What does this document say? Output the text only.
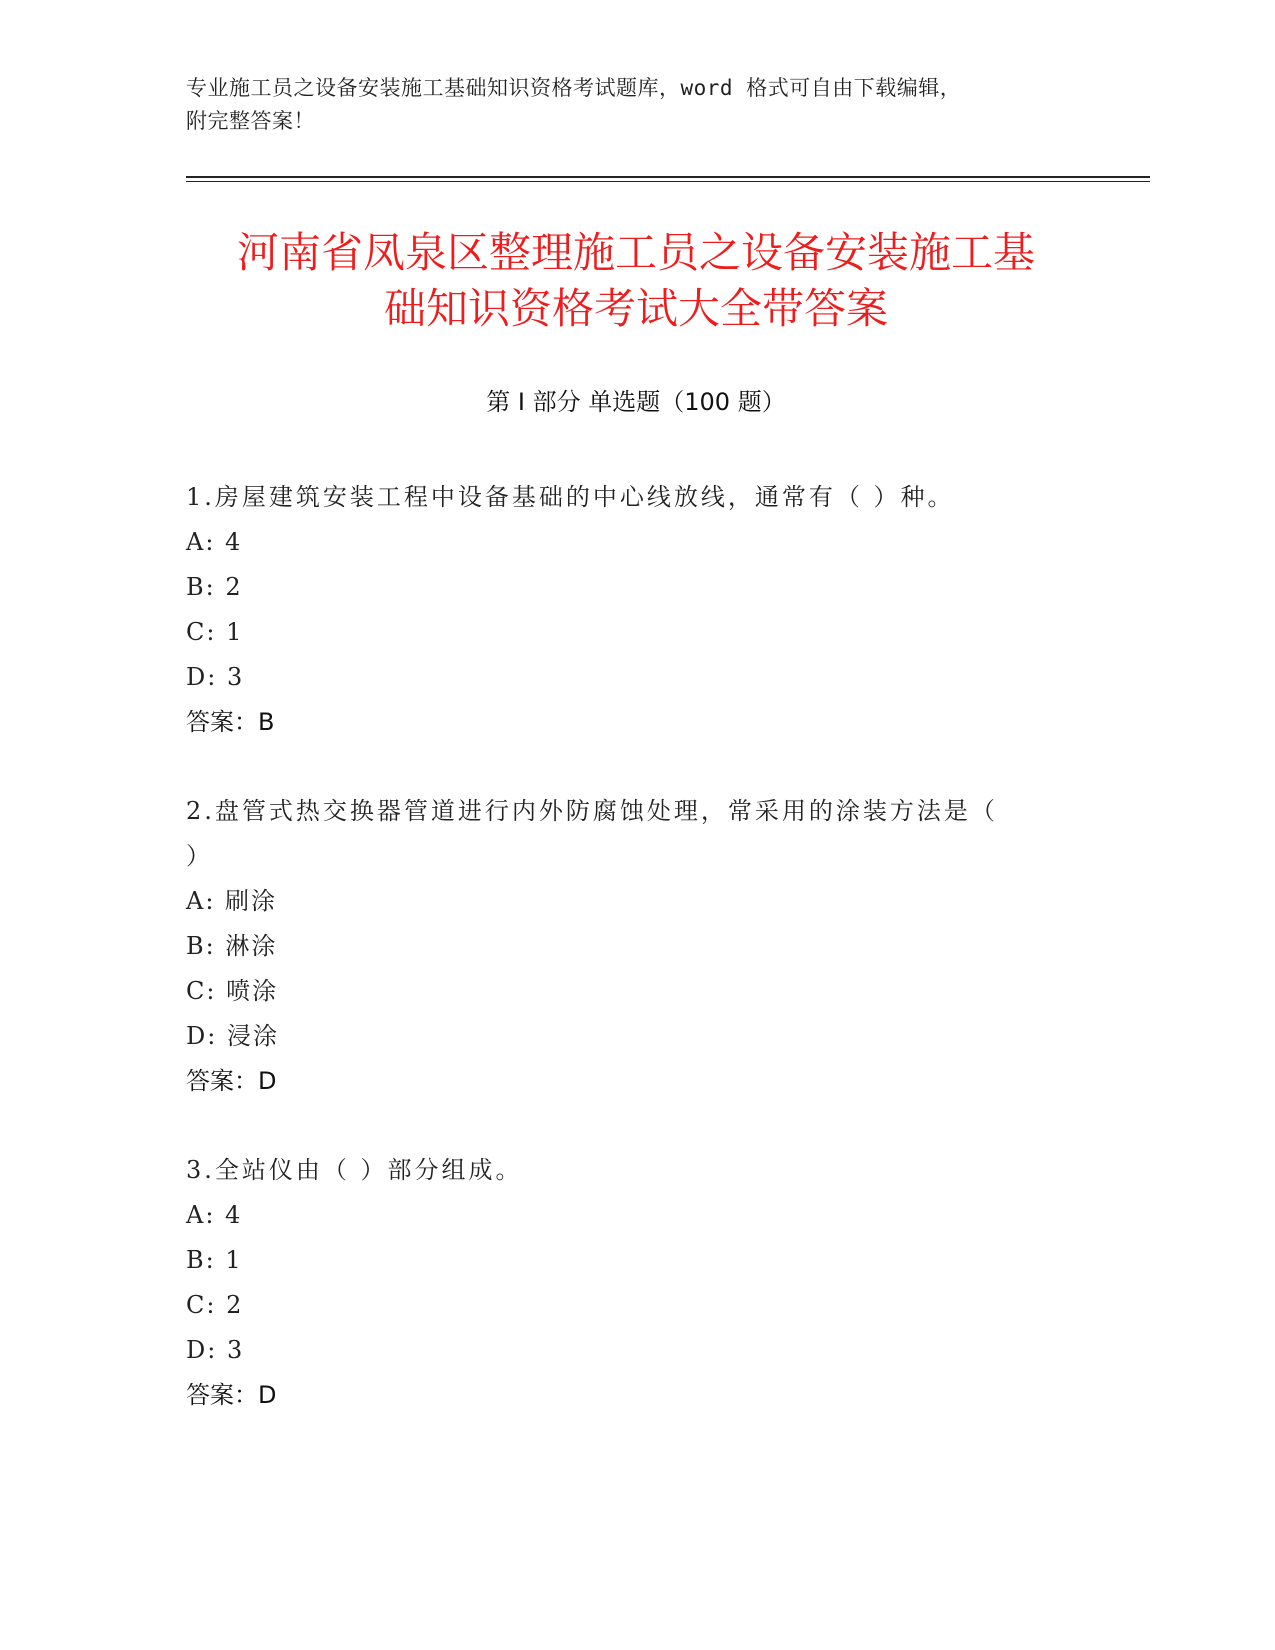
专业施工员之设备安装施工基础知识资格考试题库，word 格式可自由下载编辑，
附完整答案！
河南省凤泉区整理施工员之设备安装施工基
础知识资格考试大全带答案
第 I 部分 单选题（100 题）
1.房屋建筑安装工程中设备基础的中心线放线，通常有（ ）种。
A: 4
B: 2
C: 1
D: 3
答案：B
2.盘管式热交换器管道进行内外防腐蚀处理，常采用的涂装方法是（
）
A: 刷涂
B: 淋涂
C: 喷涂
D: 浸涂
答案：D
3.全站仪由（ ）部分组成。
A: 4
B: 1
C: 2
D: 3
答案：D
